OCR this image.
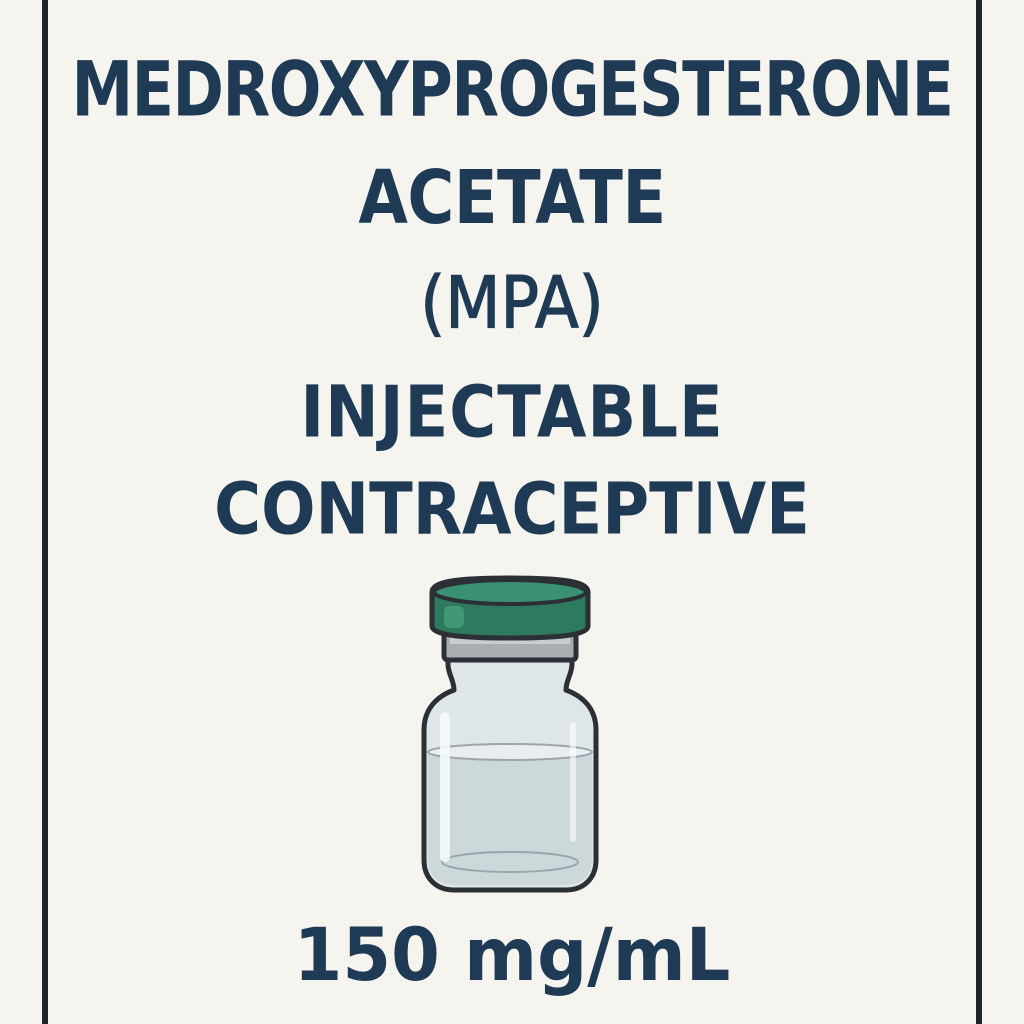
MEDROXYPROGESTERONE
ACETATE
(MPA)
INJECTABLE
CONTRACEPTIVE
150 mg/mL
